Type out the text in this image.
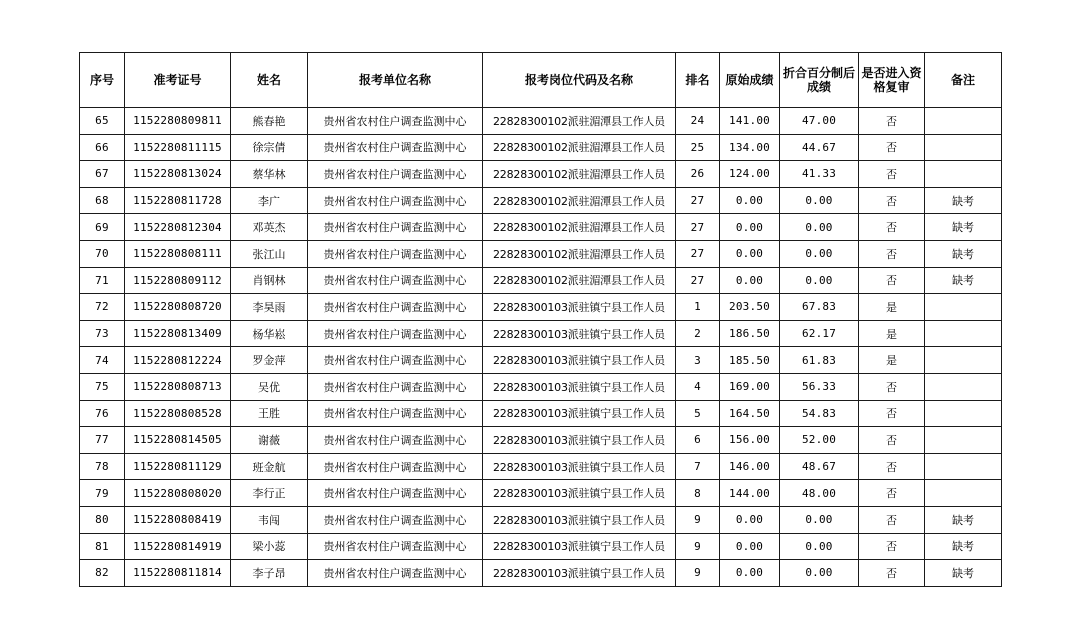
序号	准考证号	姓名	报考单位名称	报考岗位代码及名称	排名	原始成绩	折合百分制后成绩	是否进入资格复审	备注
65	1152280809811	熊春艳	贵州省农村住户调查监测中心	22828300102派驻湄潭县工作人员	24	141.00	47.00	否	
66	1152280811115	徐宗倩	贵州省农村住户调查监测中心	22828300102派驻湄潭县工作人员	25	134.00	44.67	否	
67	1152280813024	蔡华林	贵州省农村住户调查监测中心	22828300102派驻湄潭县工作人员	26	124.00	41.33	否	
68	1152280811728	李广	贵州省农村住户调查监测中心	22828300102派驻湄潭县工作人员	27	0.00	0.00	否	缺考
69	1152280812304	邓英杰	贵州省农村住户调查监测中心	22828300102派驻湄潭县工作人员	27	0.00	0.00	否	缺考
70	1152280808111	张江山	贵州省农村住户调查监测中心	22828300102派驻湄潭县工作人员	27	0.00	0.00	否	缺考
71	1152280809112	肖钢林	贵州省农村住户调查监测中心	22828300102派驻湄潭县工作人员	27	0.00	0.00	否	缺考
72	1152280808720	李昊雨	贵州省农村住户调查监测中心	22828300103派驻镇宁县工作人员	1	203.50	67.83	是	
73	1152280813409	杨华崧	贵州省农村住户调查监测中心	22828300103派驻镇宁县工作人员	2	186.50	62.17	是	
74	1152280812224	罗金萍	贵州省农村住户调查监测中心	22828300103派驻镇宁县工作人员	3	185.50	61.83	是	
75	1152280808713	吴优	贵州省农村住户调查监测中心	22828300103派驻镇宁县工作人员	4	169.00	56.33	否	
76	1152280808528	王胜	贵州省农村住户调查监测中心	22828300103派驻镇宁县工作人员	5	164.50	54.83	否	
77	1152280814505	谢薇	贵州省农村住户调查监测中心	22828300103派驻镇宁县工作人员	6	156.00	52.00	否	
78	1152280811129	班金航	贵州省农村住户调查监测中心	22828300103派驻镇宁县工作人员	7	146.00	48.67	否	
79	1152280808020	李行正	贵州省农村住户调查监测中心	22828300103派驻镇宁县工作人员	8	144.00	48.00	否	
80	1152280808419	韦闯	贵州省农村住户调查监测中心	22828300103派驻镇宁县工作人员	9	0.00	0.00	否	缺考
81	1152280814919	梁小蕊	贵州省农村住户调查监测中心	22828300103派驻镇宁县工作人员	9	0.00	0.00	否	缺考
82	1152280811814	李子昂	贵州省农村住户调查监测中心	22828300103派驻镇宁县工作人员	9	0.00	0.00	否	缺考
